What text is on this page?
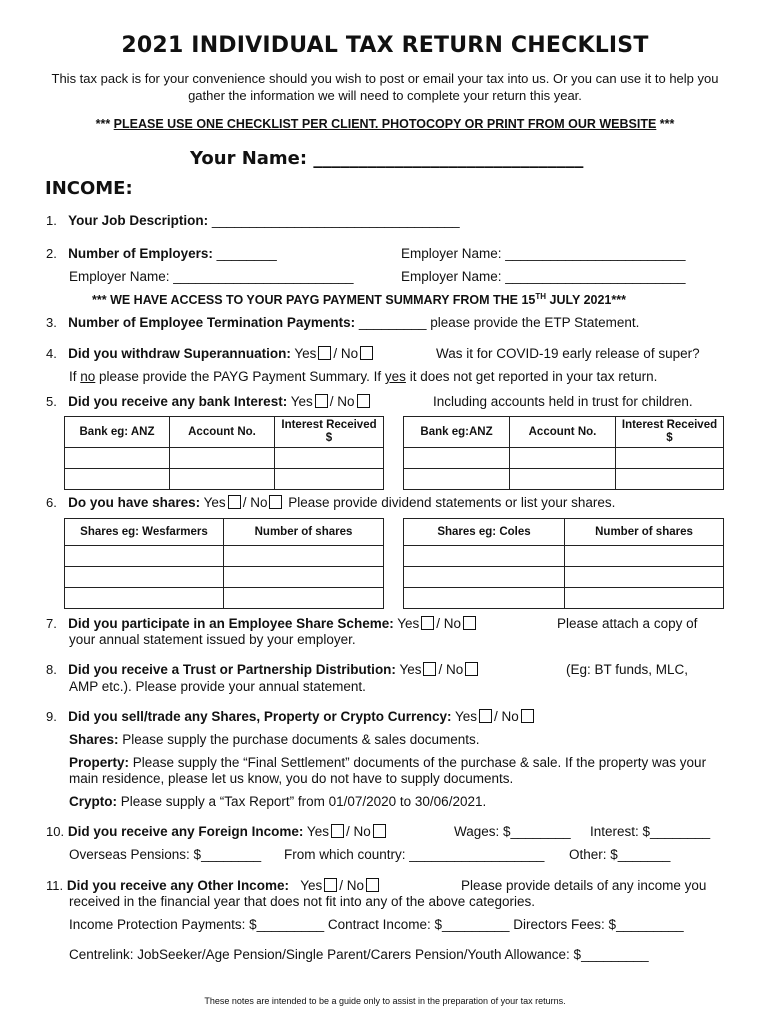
2021 INDIVIDUAL TAX RETURN CHECKLIST
This tax pack is for your convenience should you wish to post or email your tax into us. Or you can use it to help you gather the information we will need to complete your return this year.
*** PLEASE USE ONE CHECKLIST PER CLIENT. PHOTOCOPY OR PRINT FROM OUR WEBSITE ***
Your Name: ______________________________
INCOME:
1. Your Job Description: _________________________________
2. Number of Employers: ________	Employer Name: ________________________
Employer Name: ________________________	Employer Name: ________________________
*** WE HAVE ACCESS TO YOUR PAYG PAYMENT SUMMARY FROM THE 15TH JULY 2021***
3. Number of Employee Termination Payments: _________ please provide the ETP Statement.
4. Did you withdraw Superannuation: Yes / No	Was it for COVID-19 early release of super?
If no please provide the PAYG Payment Summary. If yes it does not get reported in your tax return.
5. Did you receive any bank Interest: Yes / No	Including accounts held in trust for children.
Bank eg: ANZ	Account No.	Interest Received $

Bank eg:ANZ	Account No.	Interest Received $

6. Do you have shares: Yes / No Please provide dividend statements or list your shares.
Shares eg: Wesfarmers	Number of shares

		Shares eg: Coles	Number of shares

7. Did you participate in an Employee Share Scheme: Yes / No	Please attach a copy of
your annual statement issued by your employer.
8. Did you receive a Trust or Partnership Distribution: Yes / No	(Eg: BT funds, MLC,
AMP etc.). Please provide your annual statement.
9. Did you sell/trade any Shares, Property or Crypto Currency: Yes / No
Shares: Please supply the purchase documents & sales documents.
Property: Please supply the “Final Settlement” documents of the purchase & sale. If the property was your main residence, please let us know, you do not have to supply documents.
Crypto: Please supply a “Tax Report” from 01/07/2020 to 30/06/2021.
10. Did you receive any Foreign Income: Yes / No	Wages: $________ Interest: $________
Overseas Pensions: $________ From which country: __________________ Other: $_______
11. Did you receive any Other Income: Yes / No	Please provide details of any income you
received in the financial year that does not fit into any of the above categories.
Income Protection Payments: $_________ Contract Income: $_________ Directors Fees: $_________
Centrelink: JobSeeker/Age Pension/Single Parent/Carers Pension/Youth Allowance: $_________
These notes are intended to be a guide only to assist in the preparation of your tax returns.
